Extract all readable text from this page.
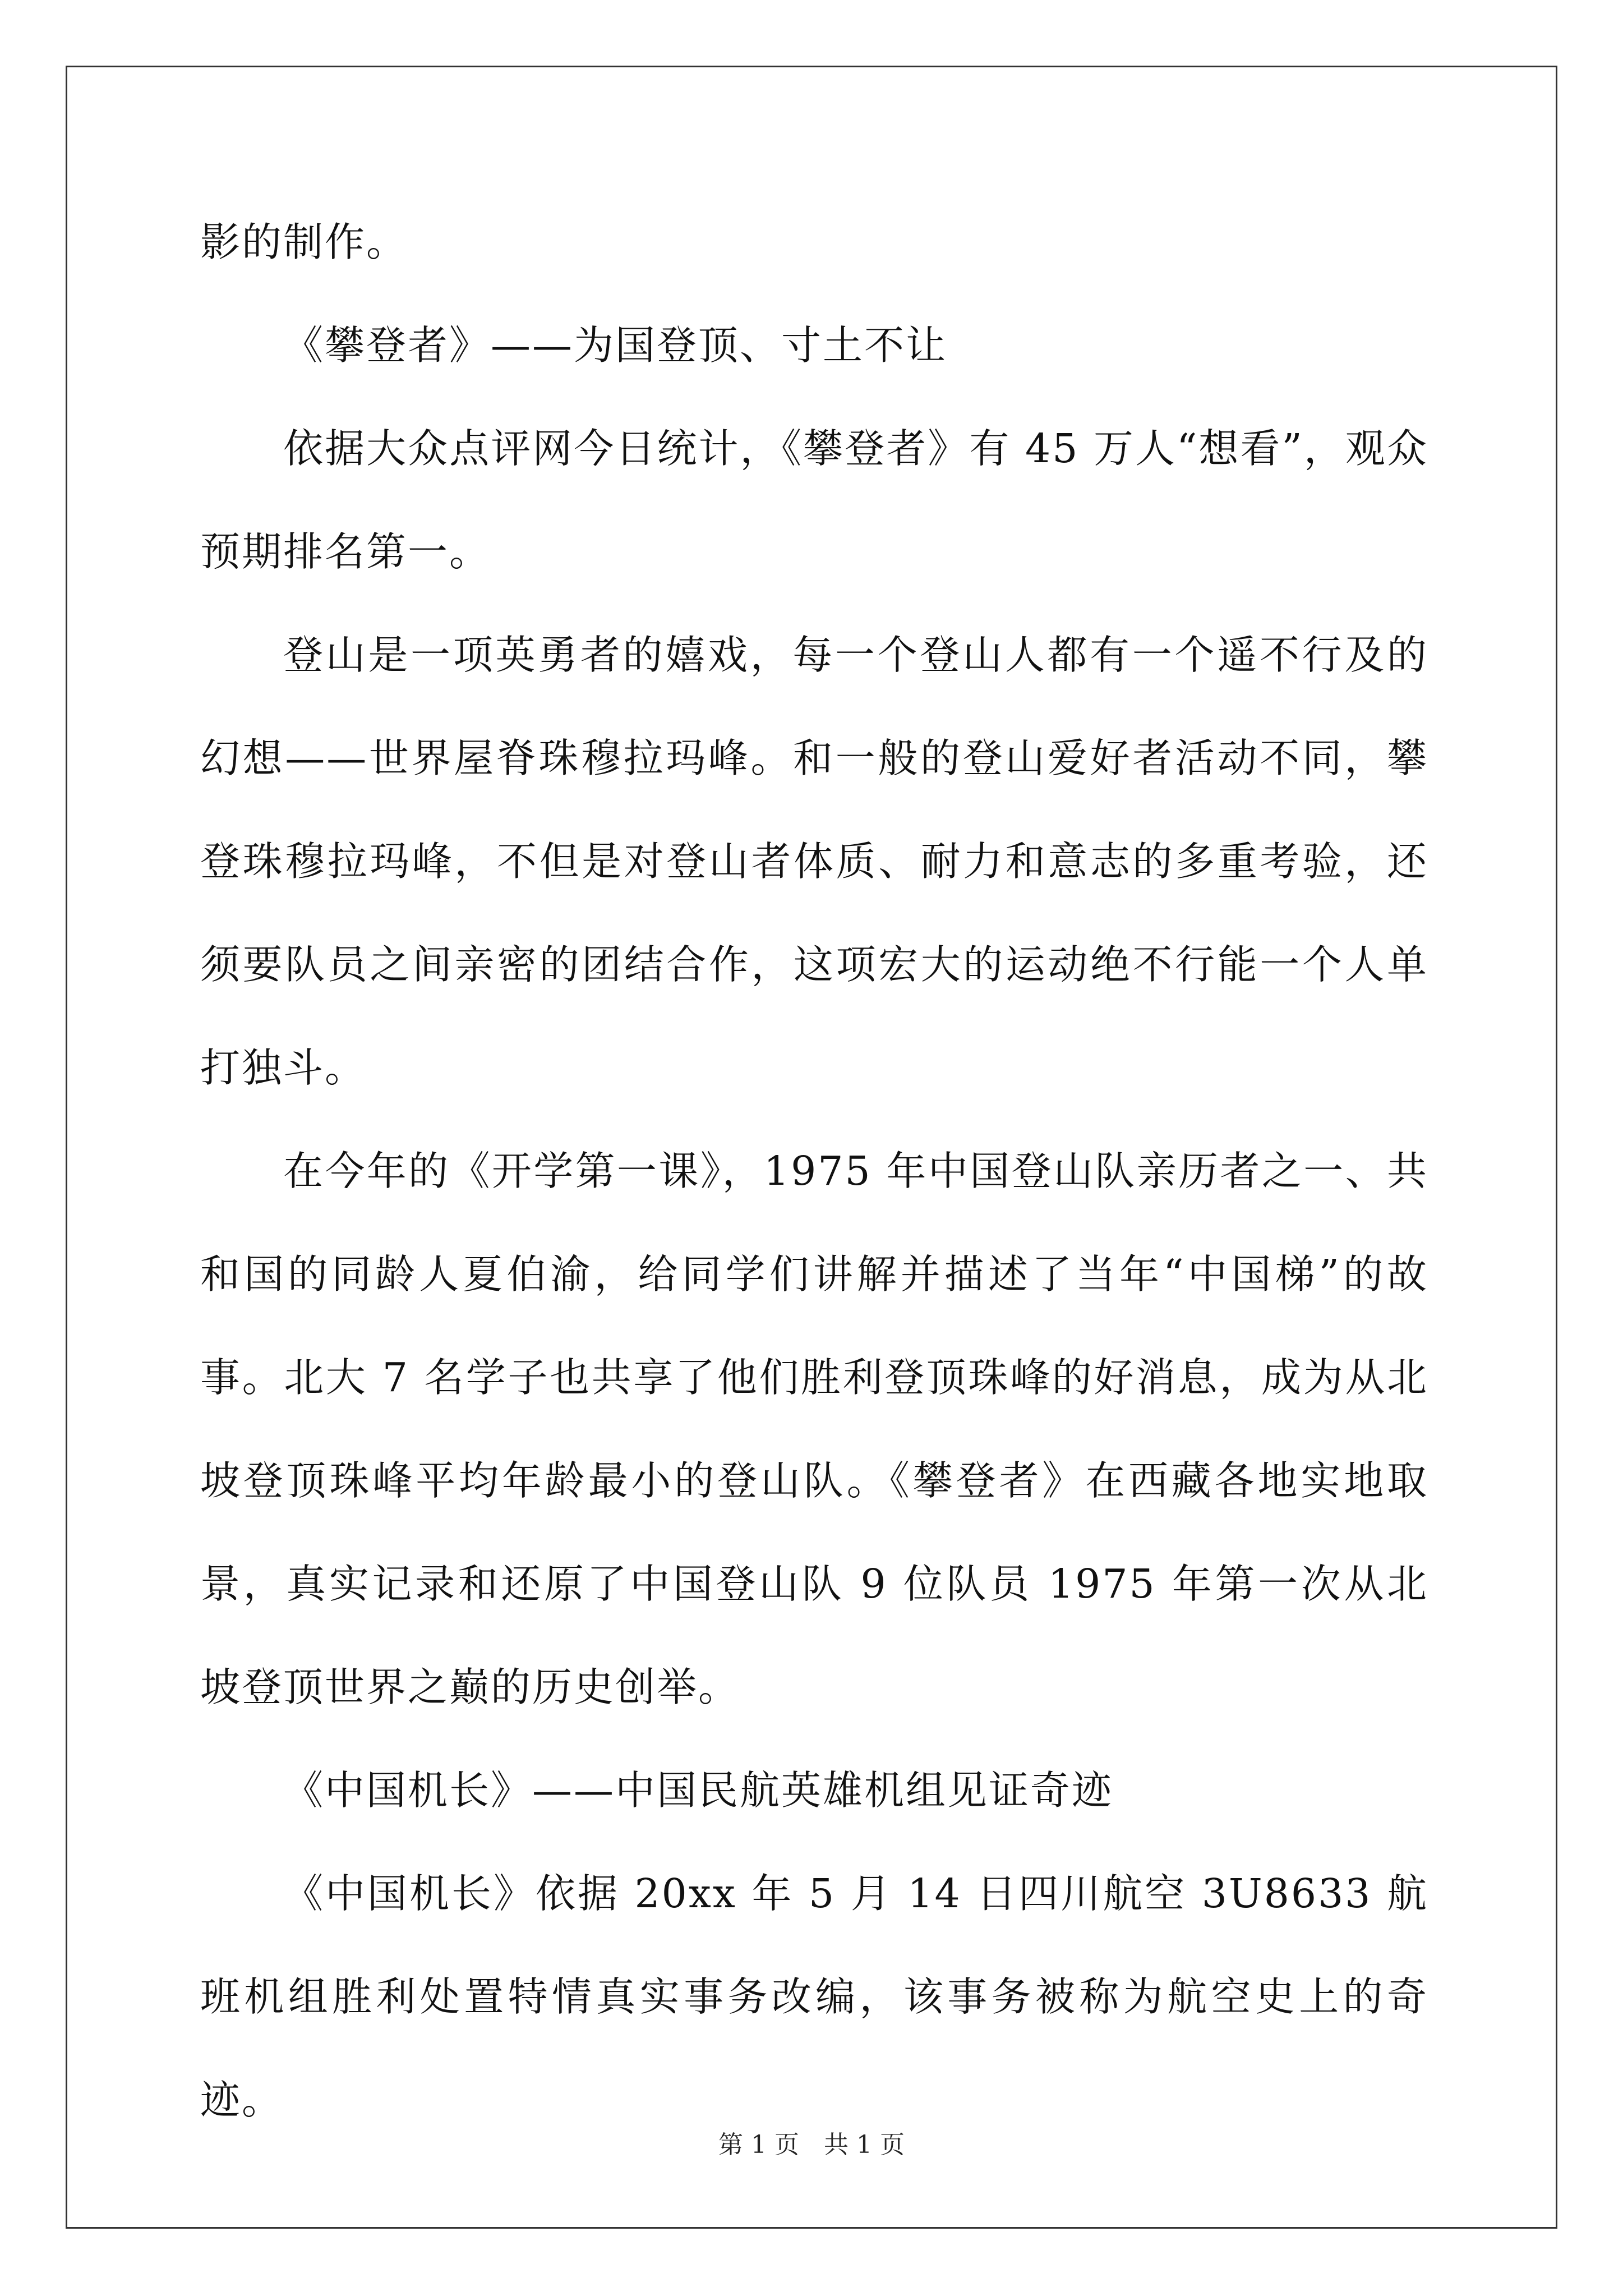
影的制作。

《攀登者》——为国登顶、寸土不让

依据大众点评网今日统计，《攀登者》有 45 万人“想看”，观众预期排名第一。

登山是一项英勇者的嬉戏，每一个登山人都有一个遥不行及的幻想——世界屋脊珠穆拉玛峰。和一般的登山爱好者活动不同，攀登珠穆拉玛峰，不但是对登山者体质、耐力和意志的多重考验，还须要队员之间亲密的团结合作，这项宏大的运动绝不行能一个人单打独斗。

在今年的《开学第一课》，1975 年中国登山队亲历者之一、共和国的同龄人夏伯渝，给同学们讲解并描述了当年“中国梯”的故事。北大 7 名学子也共享了他们胜利登顶珠峰的好消息，成为从北坡登顶珠峰平均年龄最小的登山队。《攀登者》在西藏各地实地取景，真实记录和还原了中国登山队 9 位队员 1975 年第一次从北坡登顶世界之巅的历史创举。

《中国机长》——中国民航英雄机组见证奇迹

《中国机长》依据 20xx 年 5 月 14 日四川航空 3U8633 航班机组胜利处置特情真实事务改编，该事务被称为航空史上的奇迹。

第 1 页　共 1 页
